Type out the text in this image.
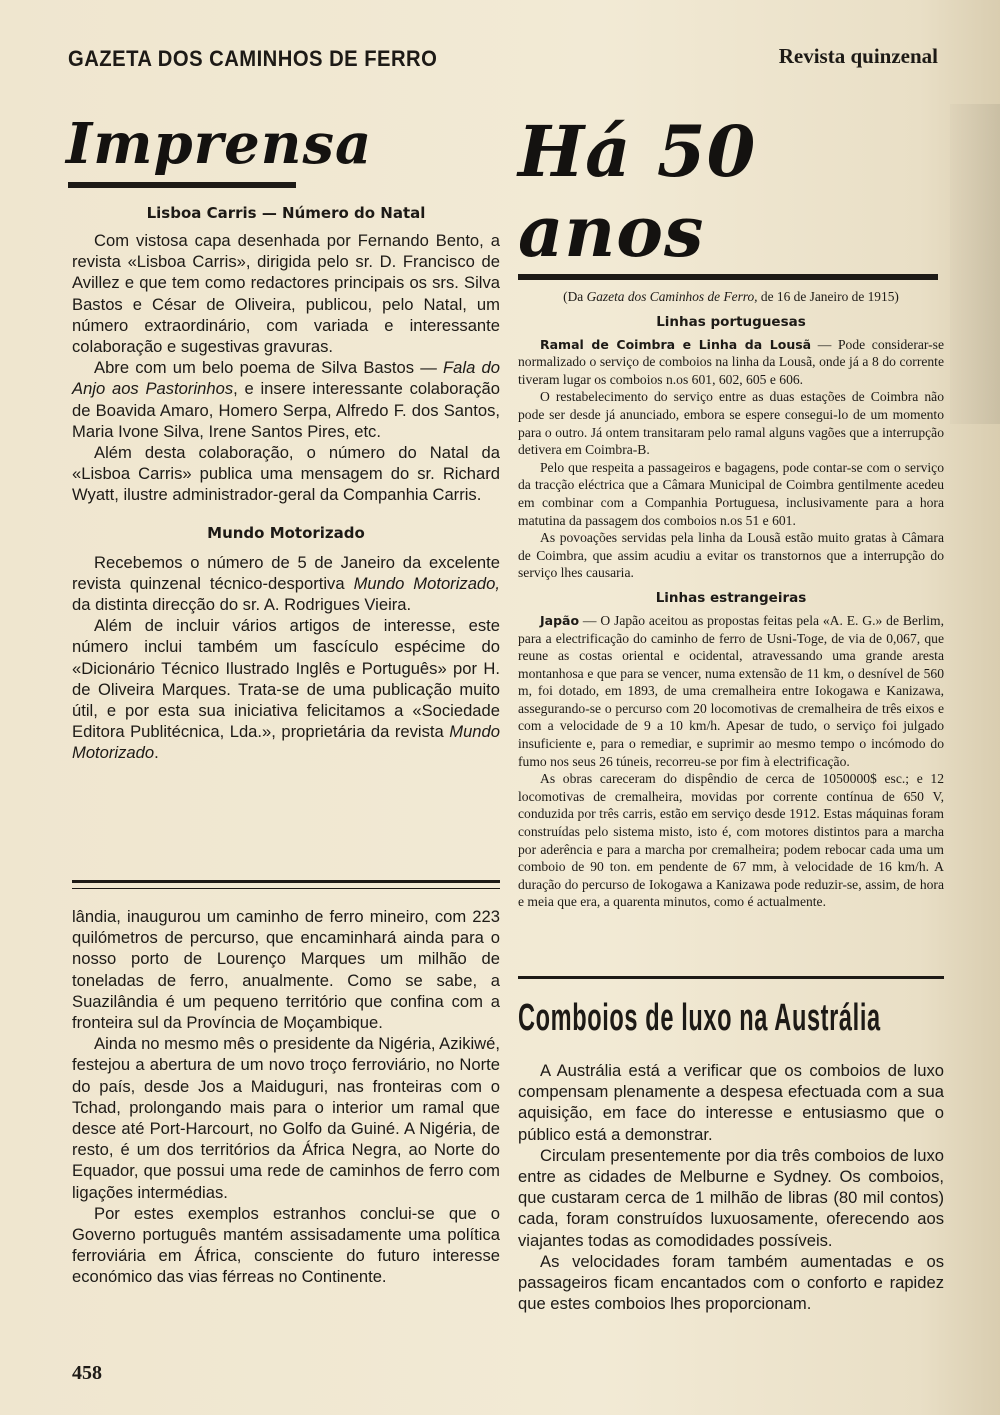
GAZETA DOS CAMINHOS DE FERRO	Revista quinzenal
Imprensa
Lisboa Carris — Número do Natal

Com vistosa capa desenhada por Fernando Bento, a revista «Lisboa Carris», dirigida pelo sr. D. Francisco de Avillez e que tem como redactores principais os srs. Silva Bastos e César de Oliveira, publicou, pelo Natal, um número extraordinário, com variada e interessante colaboração e sugestivas gravuras.

Abre com um belo poema de Silva Bastos — Fala do Anjo aos Pastorinhos, e insere interessante colaboração de Boavida Amaro, Homero Serpa, Alfredo F. dos Santos, Maria Ivone Silva, Irene Santos Pires, etc.

Além desta colaboração, o número do Natal da «Lisboa Carris» publica uma mensagem do sr. Richard Wyatt, ilustre administrador-geral da Companhia Carris.

Mundo Motorizado

Recebemos o número de 5 de Janeiro da excelente revista quinzenal técnico-desportiva Mundo Motorizado, da distinta direcção do sr. A. Rodrigues Vieira.

Além de incluir vários artigos de interesse, este número inclui também um fascículo espécime do «Dicionário Técnico Ilustrado Inglês e Português» por H. de Oliveira Marques. Trata-se de uma publicação muito útil, e por esta sua iniciativa felicitamos a «Sociedade Editora Publitécnica, Lda.», proprietária da revista Mundo Motorizado.

lândia, inaugurou um caminho de ferro mineiro, com 223 quilómetros de percurso, que encaminhará ainda para o nosso porto de Lourenço Marques um milhão de toneladas de ferro, anualmente. Como se sabe, a Suazilândia é um pequeno território que confina com a fronteira sul da Província de Moçambique.

Ainda no mesmo mês o presidente da Nigéria, Azikiwé, festejou a abertura de um novo troço ferroviário, no Norte do país, desde Jos a Maiduguri, nas fronteiras com o Tchad, prolongando mais para o interior um ramal que desce até Port-Harcourt, no Golfo da Guiné. A Nigéria, de resto, é um dos territórios da África Negra, ao Norte do Equador, que possui uma rede de caminhos de ferro com ligações intermédias.

Por estes exemplos estranhos conclui-se que o Governo português mantém assisadamente uma política ferroviária em África, consciente do futuro interesse económico das vias férreas no Continente.

Há 50 anos
(Da Gazeta dos Caminhos de Ferro, de 16 de Janeiro de 1915)
Linhas portuguesas

Ramal de Coimbra e Linha da Lousã — Pode considerar-se normalizado o serviço de comboios na linha da Lousã, onde já a 8 do corrente tiveram lugar os comboios n.os 601, 602, 605 e 606.

O restabelecimento do serviço entre as duas estações de Coimbra não pode ser desde já anunciado, embora se espere consegui-lo de um momento para o outro. Já ontem transitaram pelo ramal alguns vagões que a interrupção detivera em Coimbra-B.

Pelo que respeita a passageiros e bagagens, pode contar-se com o serviço da tracção eléctrica que a Câmara Municipal de Coimbra gentilmente acedeu em combinar com a Companhia Portuguesa, inclusivamente para a hora matutina da passagem dos comboios n.os 51 e 601.

As povoações servidas pela linha da Lousã estão muito gratas à Câmara de Coimbra, que assim acudiu a evitar os transtornos que a interrupção do serviço lhes causaria.

Linhas estrangeiras

Japão — O Japão aceitou as propostas feitas pela «A. E. G.» de Berlim, para a electrificação do caminho de ferro de Usni-Toge, de via de 0,067, que reune as costas oriental e ocidental, atravessando uma grande aresta montanhosa e que para se vencer, numa extensão de 11 km, o desnível de 560 m, foi dotado, em 1893, de uma cremalheira entre Iokogawa e Kanizawa, assegurando-se o percurso com 20 locomotivas de cremalheira de três eixos e com a velocidade de 9 a 10 km/h. Apesar de tudo, o serviço foi julgado insuficiente e, para o remediar, e suprimir ao mesmo tempo o incómodo do fumo nos seus 26 túneis, recorreu-se por fim à electrificação.

As obras careceram do dispêndio de cerca de 1050000$ esc.; e 12 locomotivas de cremalheira, movidas por corrente contínua de 650 V, conduzida por três carris, estão em serviço desde 1912. Estas máquinas foram construídas pelo sistema misto, isto é, com motores distintos para a marcha por aderência e para a marcha por cremalheira; podem rebocar cada uma um comboio de 90 ton. em pendente de 67 mm, à velocidade de 16 km/h. A duração do percurso de Iokogawa a Kanizawa pode reduzir-se, assim, de hora e meia que era, a quarenta minutos, como é actualmente.

Comboios de luxo na Austrália

A Austrália está a verificar que os comboios de luxo compensam plenamente a despesa efectuada com a sua aquisição, em face do interesse e entusiasmo que o público está a demonstrar.

Circulam presentemente por dia três comboios de luxo entre as cidades de Melburne e Sydney. Os comboios, que custaram cerca de 1 milhão de libras (80 mil contos) cada, foram construídos luxuosamente, oferecendo aos viajantes todas as comodidades possíveis.

As velocidades foram também aumentadas e os passageiros ficam encantados com o conforto e rapidez que estes comboios lhes proporcionam.

458
